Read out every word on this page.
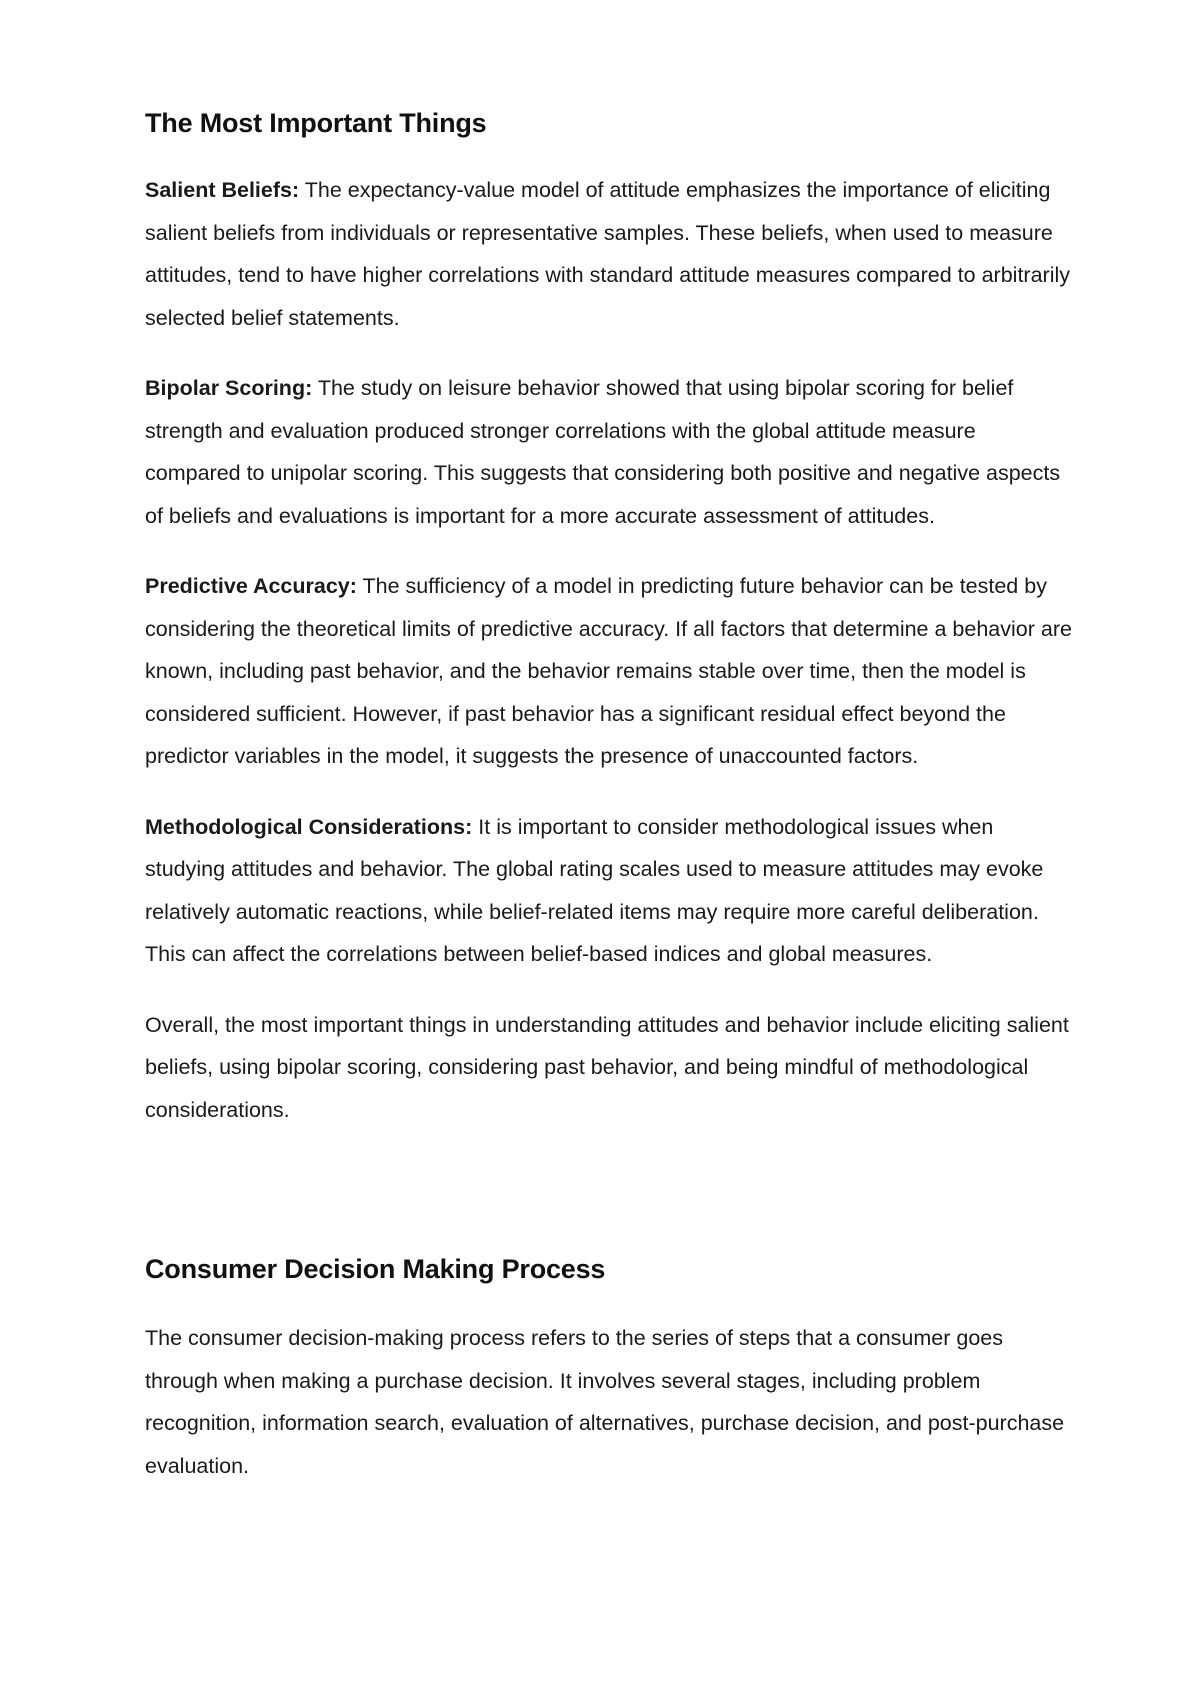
The Most Important Things

Salient Beliefs: The expectancy-value model of attitude emphasizes the importance of eliciting salient beliefs from individuals or representative samples. These beliefs, when used to measure attitudes, tend to have higher correlations with standard attitude measures compared to arbitrarily selected belief statements.

Bipolar Scoring: The study on leisure behavior showed that using bipolar scoring for belief strength and evaluation produced stronger correlations with the global attitude measure compared to unipolar scoring. This suggests that considering both positive and negative aspects of beliefs and evaluations is important for a more accurate assessment of attitudes.

Predictive Accuracy: The sufficiency of a model in predicting future behavior can be tested by considering the theoretical limits of predictive accuracy. If all factors that determine a behavior are known, including past behavior, and the behavior remains stable over time, then the model is considered sufficient. However, if past behavior has a significant residual effect beyond the predictor variables in the model, it suggests the presence of unaccounted factors.

Methodological Considerations: It is important to consider methodological issues when studying attitudes and behavior. The global rating scales used to measure attitudes may evoke relatively automatic reactions, while belief-related items may require more careful deliberation. This can affect the correlations between belief-based indices and global measures.

Overall, the most important things in understanding attitudes and behavior include eliciting salient beliefs, using bipolar scoring, considering past behavior, and being mindful of methodological considerations.

Consumer Decision Making Process

The consumer decision-making process refers to the series of steps that a consumer goes through when making a purchase decision. It involves several stages, including problem recognition, information search, evaluation of alternatives, purchase decision, and post-purchase evaluation.
